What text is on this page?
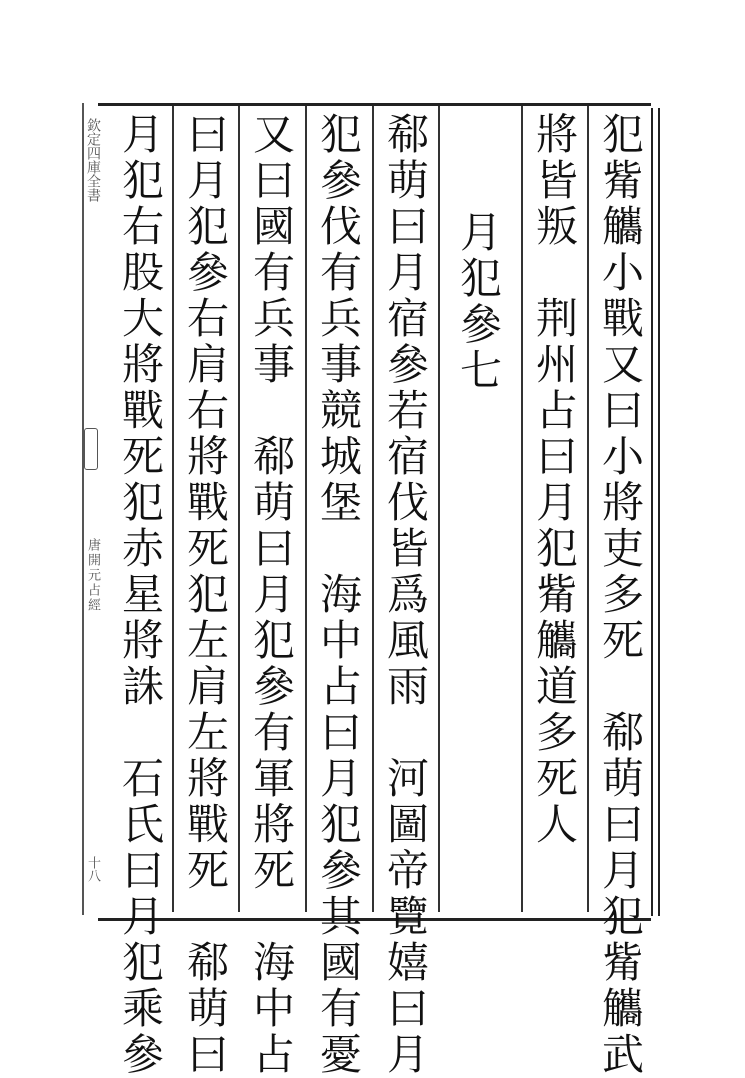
犯觜觿小戰又曰小將吏多死　郗萌曰月犯觜觿武
將皆叛　荆州占曰月犯觜觿道多死人
月犯參七
郗萌曰月宿參若宿伐皆爲風雨　河圖帝覽嬉曰月
犯參伐有兵事競城堡　海中占曰月犯參其國有憂
又曰國有兵事　郗萌曰月犯參有軍將死　海中占
曰月犯參右肩右將戰死犯左肩左將戰死　郗萌曰
月犯右股大將戰死犯赤星將誅　石氏曰月犯乘參
欽定四庫全書
唐開元占經
十八
